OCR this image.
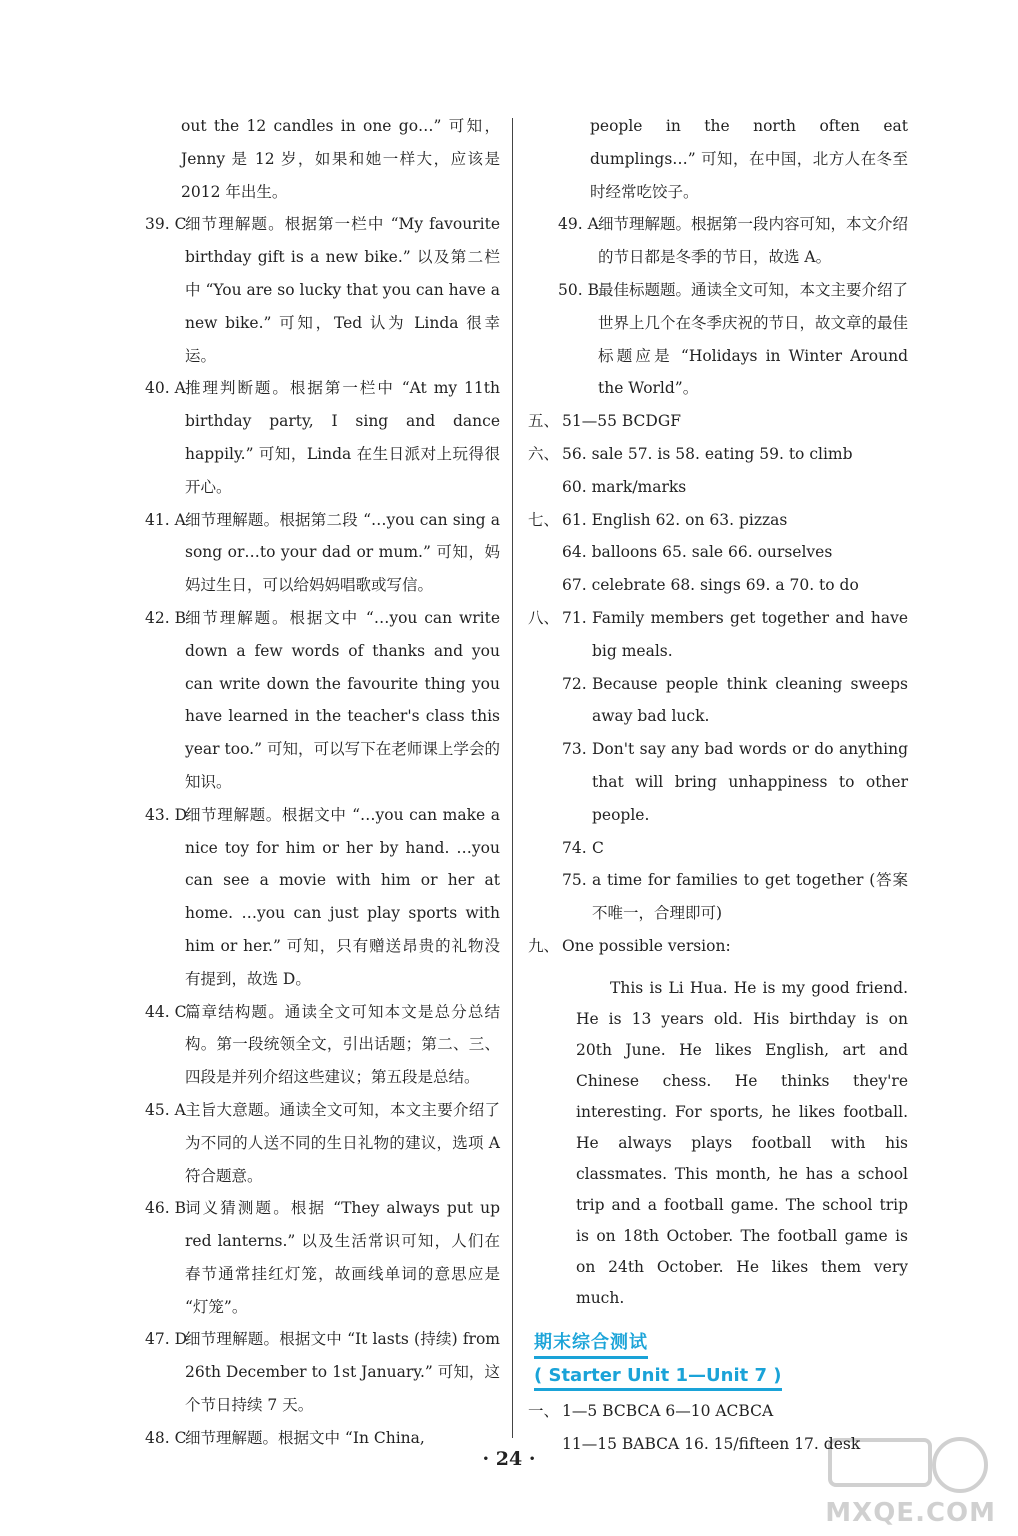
out the 12 candles in one go…” 可知，Jenny 是 12 岁，如果和她一样大，应该是 2012 年出生。
39. C
细节理解题。根据第一栏中 “My favourite birthday gift is a new bike.” 以及第二栏中 “You are so lucky that you can have a new bike.” 可知，Ted 认为 Linda 很幸运。
40. A 推理判断题。根据第一栏中 “At my 11th birthday party, I sing and dance happily.” 可知，Linda 在生日派对上玩得很开心。
41. A 细节理解题。根据第二段 “…you can sing a song or…to your dad or mum.” 可知，妈妈过生日，可以给妈妈唱歌或写信。
42. B 细节理解题。根据文中 “…you can write down a few words of thanks and you can write down the favourite thing you have learned in the teacher's class this year too.” 可知，可以写下在老师课上学会的知识。
43. D
细节理解题。根据文中 “…you can make a nice toy for him or her by hand. …you can see a movie with him or her at home. …you can just play sports with him or her.” 可知，只有赠送昂贵的礼物没有提到，故选 D。
44. C
篇章结构题。通读全文可知本文是总分总结构。第一段统领全文，引出话题；第二、三、四段是并列介绍这些建议；第五段是总结。
45. A 主旨大意题。通读全文可知，本文主要介绍了为不同的人送不同的生日礼物的建议，选项 A 符合题意。
46. B 词义猜测题。根据 “They always put up red lanterns.” 以及生活常识可知，人们在春节通常挂红灯笼，故画线单词的意思应是 “灯笼”。
47. D
细节理解题。根据文中 “It lasts (持续) from 26th December to 1st January.” 可知，这个节日持续 7 天。
48. C
细节理解题。根据文中 “In China,
people in the north often eat dumplings…” 可知，在中国，北方人在冬至时经常吃饺子。
49. A 细节理解题。根据第一段内容可知，本文介绍的节日都是冬季的节日，故选 A。
50. B 最佳标题题。通读全文可知，本文主要介绍了世界上几个在冬季庆祝的节日，故文章的最佳标题应是 “Holidays in Winter Around the World”。
五、 51—55 BCDGF
六、 56. sale 57. is 58. eating 59. to climb
60. mark/marks
七、 61. English 62. on 63. pizzas
64. balloons 65. sale 66. ourselves
67. celebrate 68. sings 69. a 70. to do
八、 71. Family members get together and have big meals.
72. Because people think cleaning sweeps away bad luck.
73. Don't say any bad words or do anything that will bring unhappiness to other people.
74. C
75. a time for families to get together (答案不唯一，合理即可)
九、 One possible version:
This is Li Hua. He is my good friend. He is 13 years old. His birthday is on 20th June. He likes English, art and Chinese chess. He thinks they're interesting. For sports, he likes football. He always plays football with his classmates. This month, he has a school trip and a football game. The school trip is on 18th October. The football game is on 24th October. He likes them very much.
期末综合测试
( Starter Unit 1—Unit 7 )
一、 1—5 BCBCA 6—10 ACBCA
11—15 BABCA 16. 15/fifteen 17. desk
· 24 ·
MXQE.COM
